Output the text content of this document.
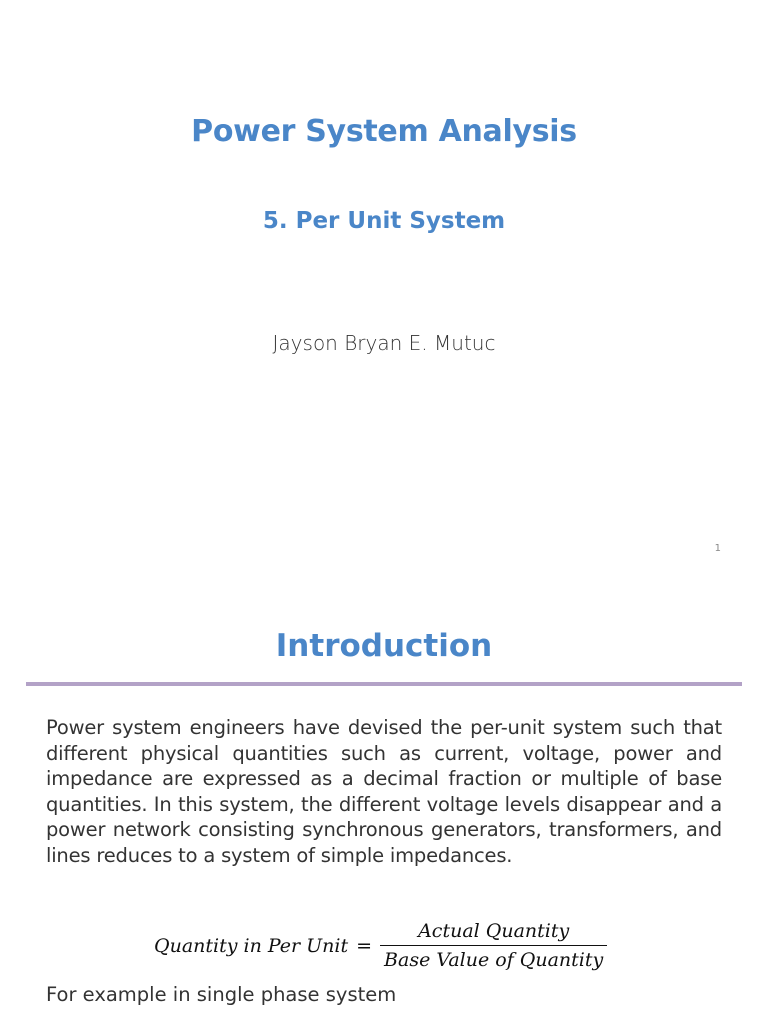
Power System Analysis
5. Per Unit System
Jayson Bryan E. Mutuc
1
Introduction
Power system engineers have devised the per-unit system such that different physical quantities such as current, voltage, power and impedance are expressed as a decimal fraction or multiple of base quantities. In this system, the different voltage levels disappear and a power network consisting synchronous generators, transformers, and lines reduces to a system of simple impedances.
Quantity in Per Unit = $\frac{\text{Actual Quantity}}{\text{Base Value of Quantity}}$
For example in single phase system
